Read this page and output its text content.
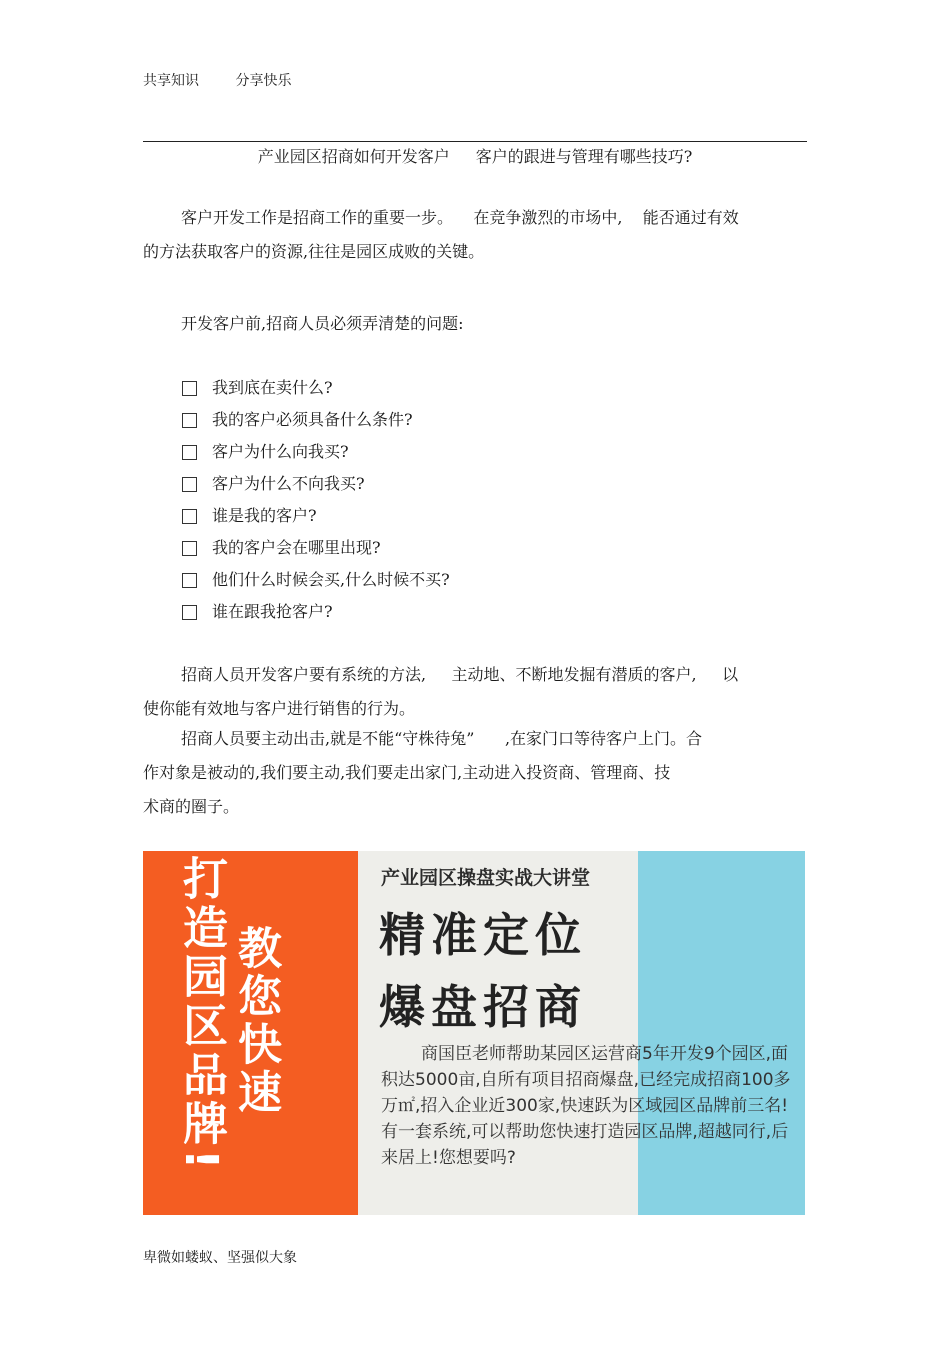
共享知识	分享快乐
产业园区招商如何开发客户 客户的跟进与管理有哪些技巧?
客户开发工作是招商工作的重要一步。 在竞争激烈的市场中, 能否通过有效
的方法获取客户的资源,往往是园区成败的关键。
开发客户前,招商人员必须弄清楚的问题:
我到底在卖什么?
我的客户必须具备什么条件?
客户为什么向我买?
客户为什么不向我买?
谁是我的客户?
我的客户会在哪里出现?
他们什么时候会买,什么时候不买?
谁在跟我抢客户?
招商人员开发客户要有系统的方法, 主动地、不断地发掘有潜质的客户, 以
使你能有效地与客户进行销售的行为。
招商人员要主动出击,就是不能“守株待兔” ,在家门口等待客户上门。合
作对象是被动的,我们要主动,我们要走出家门,主动进入投资商、管理商、技
术商的圈子。
打造园区品牌! 教您快速
产业园区操盘实战大讲堂
精准定位
爆盘招商
商国臣老师帮助某园区运营商5年开发9个园区,面积达5000亩,自所有项目招商爆盘,已经完成招商100多万㎡,招入企业近300家,快速跃为区域园区品牌前三名!有一套系统,可以帮助您快速打造园区品牌,超越同行,后来居上!您想要吗?
卑微如蝼蚁、坚强似大象
